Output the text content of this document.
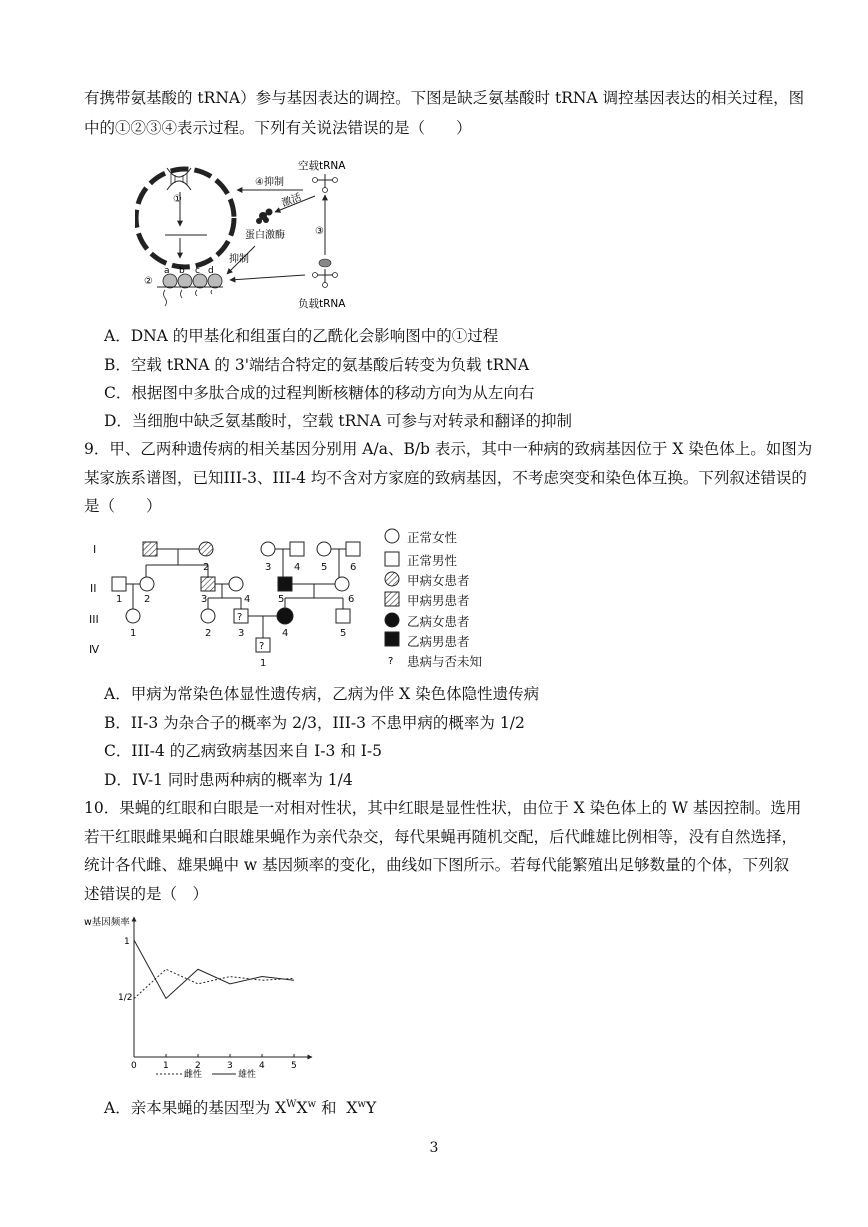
有携带氨基酸的 tRNA）参与基因表达的调控。下图是缺乏氨基酸时 tRNA 调控基因表达的相关过程，图
中的①②③④表示过程。下列有关说法错误的是（　　）
①
a b c d
②
空载tRNA
④抑制
激活
蛋白激酶
抑制
③
负载tRNA
A．DNA 的甲基化和组蛋白的乙酰化会影响图中的①过程
B．空载 tRNA 的 3'端结合特定的氨基酸后转变为负载 tRNA
C．根据图中多肽合成的过程判断核糖体的移动方向为从左向右
D．当细胞中缺乏氨基酸时，空载 tRNA 可参与对转录和翻译的抑制
9．甲、乙两种遗传病的相关基因分别用 A/a、B/b 表示，其中一种病的致病基因位于 X 染色体上。如图为
某家族系谱图，已知III-3、III-4 均不含对方家庭的致病基因，不考虑突变和染色体互换。下列叙述错误的
是（　　）
I
II
III
Ⅳ
?
?
2	3 4 5 6
1 2	3	4	5	6
1	2	3	4	5
1	?
正常女性
正常男性
甲病女患者
甲病男患者
乙病女患者
乙病男患者
患病与否未知
A．甲病为常染色体显性遗传病，乙病为伴 X 染色体隐性遗传病
B．II-3 为杂合子的概率为 2/3，III-3 不患甲病的概率为 1/2
C．III-4 的乙病致病基因来自 I-3 和 I-5
D．IV-1 同时患两种病的概率为 1/4
10．果蝇的红眼和白眼是一对相对性状，其中红眼是显性性状，由位于 X 染色体上的 W 基因控制。选用
若干红眼雌果蝇和白眼雄果蝇作为亲代杂交，每代果蝇再随机交配，后代雌雄比例相等，没有自然选择，
统计各代雌、雄果蝇中 w 基因频率的变化，曲线如下图所示。若每代能繁殖出足够数量的个体，下列叙
述错误的是（　）
w基因频率
1
1/2
0	1	2	3	4	5
雌性	雄性
A．亲本果蝇的基因型为 $X^WX^w$ 和  $X^wY$
3
